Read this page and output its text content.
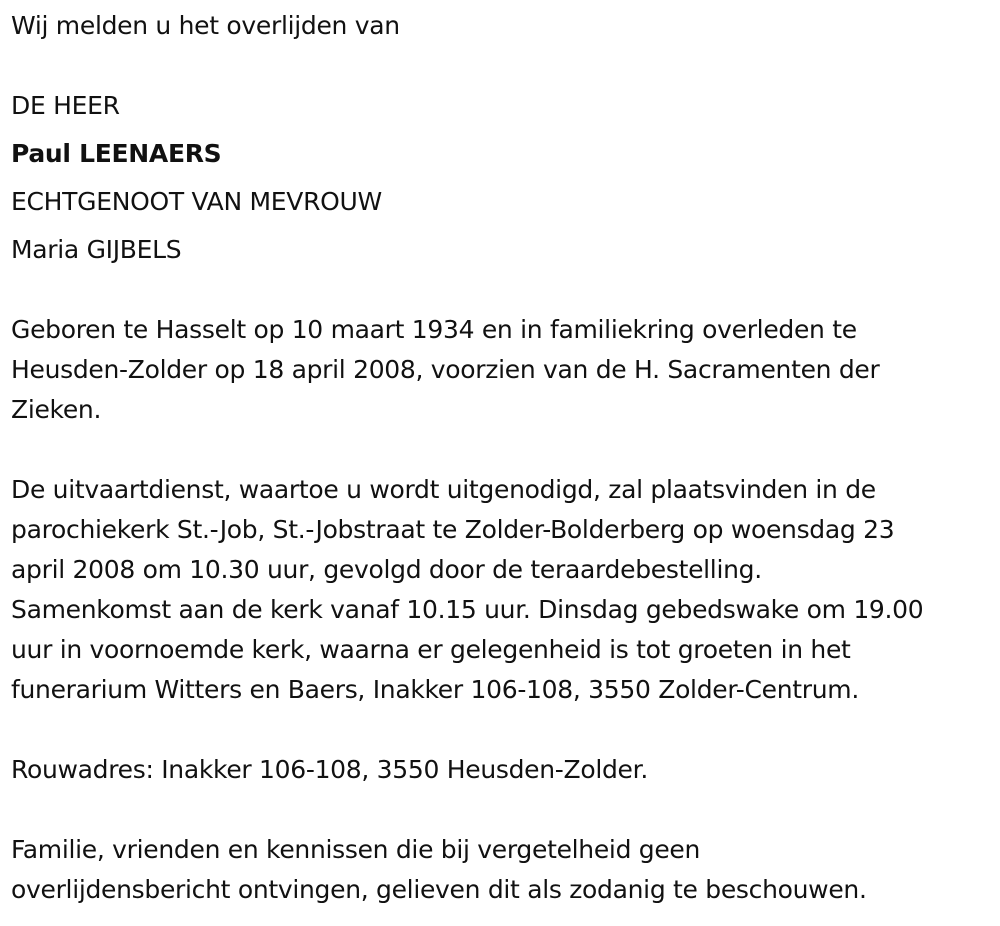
Wij melden u het overlijden van
DE HEER
Paul LEENAERS
ECHTGENOOT VAN MEVROUW
Maria GIJBELS
Geboren te Hasselt op 10 maart 1934 en in familiekring overleden te
Heusden-Zolder op 18 april 2008, voorzien van de H. Sacramenten der
Zieken.
De uitvaartdienst, waartoe u wordt uitgenodigd, zal plaatsvinden in de
parochiekerk St.-Job, St.-Jobstraat te Zolder-Bolderberg op woensdag 23
april 2008 om 10.30 uur, gevolgd door de teraardebestelling.
Samenkomst aan de kerk vanaf 10.15 uur. Dinsdag gebedswake om 19.00
uur in voornoemde kerk, waarna er gelegenheid is tot groeten in het
funerarium Witters en Baers, Inakker 106-108, 3550 Zolder-Centrum.
Rouwadres: Inakker 106-108, 3550 Heusden-Zolder.
Familie, vrienden en kennissen die bij vergetelheid geen
overlijdensbericht ontvingen, gelieven dit als zodanig te beschouwen.
